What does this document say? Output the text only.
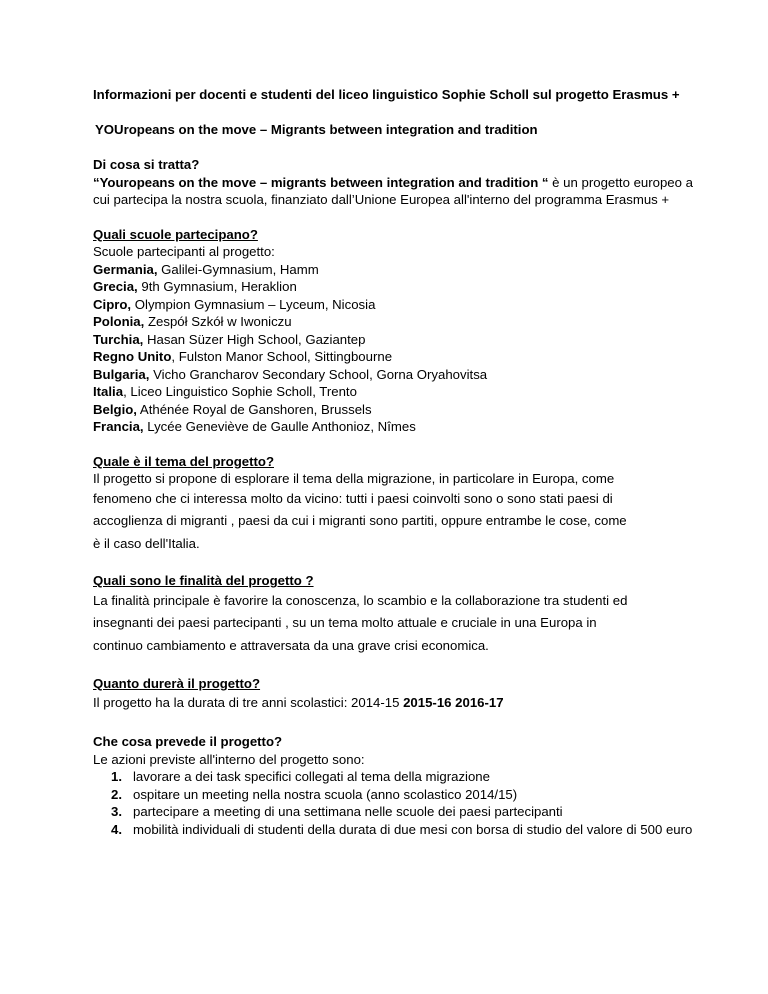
Informazioni per docenti e studenti del liceo linguistico Sophie Scholl sul progetto Erasmus +

YOUropeans on the move – Migrants between integration and tradition
Di cosa si tratta?
“Youropeans on the move – migrants between integration and tradition “ è un progetto europeo a cui partecipa la nostra scuola, finanziato dall’Unione Europea all'interno del programma Erasmus +
Quali scuole partecipano?
Scuole partecipanti al progetto:
Germania, Galilei-Gymnasium, Hamm
Grecia, 9th Gymnasium, Heraklion
Cipro, Olympion Gymnasium – Lyceum, Nicosia
Polonia, Zespół Szkół w Iwoniczu
Turchia, Hasan Süzer High School, Gaziantep
Regno Unito, Fulston Manor School, Sittingbourne
Bulgaria, Vicho Grancharov Secondary School, Gorna Oryahovitsa
Italia, Liceo Linguistico Sophie Scholl, Trento
Belgio, Athénée Royal de Ganshoren, Brussels
Francia, Lycée Geneviève de Gaulle Anthonioz, Nîmes
Quale è il tema del progetto?
Il progetto si propone di esplorare il tema della migrazione, in particolare in Europa, come
fenomeno che ci interessa molto da vicino: tutti i paesi coinvolti sono o sono stati paesi di
accoglienza di migranti , paesi da cui i migranti sono partiti, oppure entrambe le cose, come
è il caso dell'Italia.
Quali sono le finalità del progetto ?
La finalità principale è favorire la conoscenza, lo scambio e la collaborazione tra studenti ed
insegnanti dei paesi partecipanti , su un tema molto attuale e cruciale in una Europa in
continuo cambiamento e attraversata da una grave crisi economica.
Quanto durerà il progetto?
Il progetto ha la durata di tre anni scolastici: 2014-15 2015-16 2016-17
Che cosa prevede il progetto?
Le azioni previste all'interno del progetto sono:
1. lavorare a dei task specifici collegati al tema della migrazione
2. ospitare un meeting nella nostra scuola (anno scolastico 2014/15)
3. partecipare a meeting di una settimana nelle scuole dei paesi partecipanti
4. mobilità individuali di studenti della durata di due mesi con borsa di studio del valore di 500 euro
